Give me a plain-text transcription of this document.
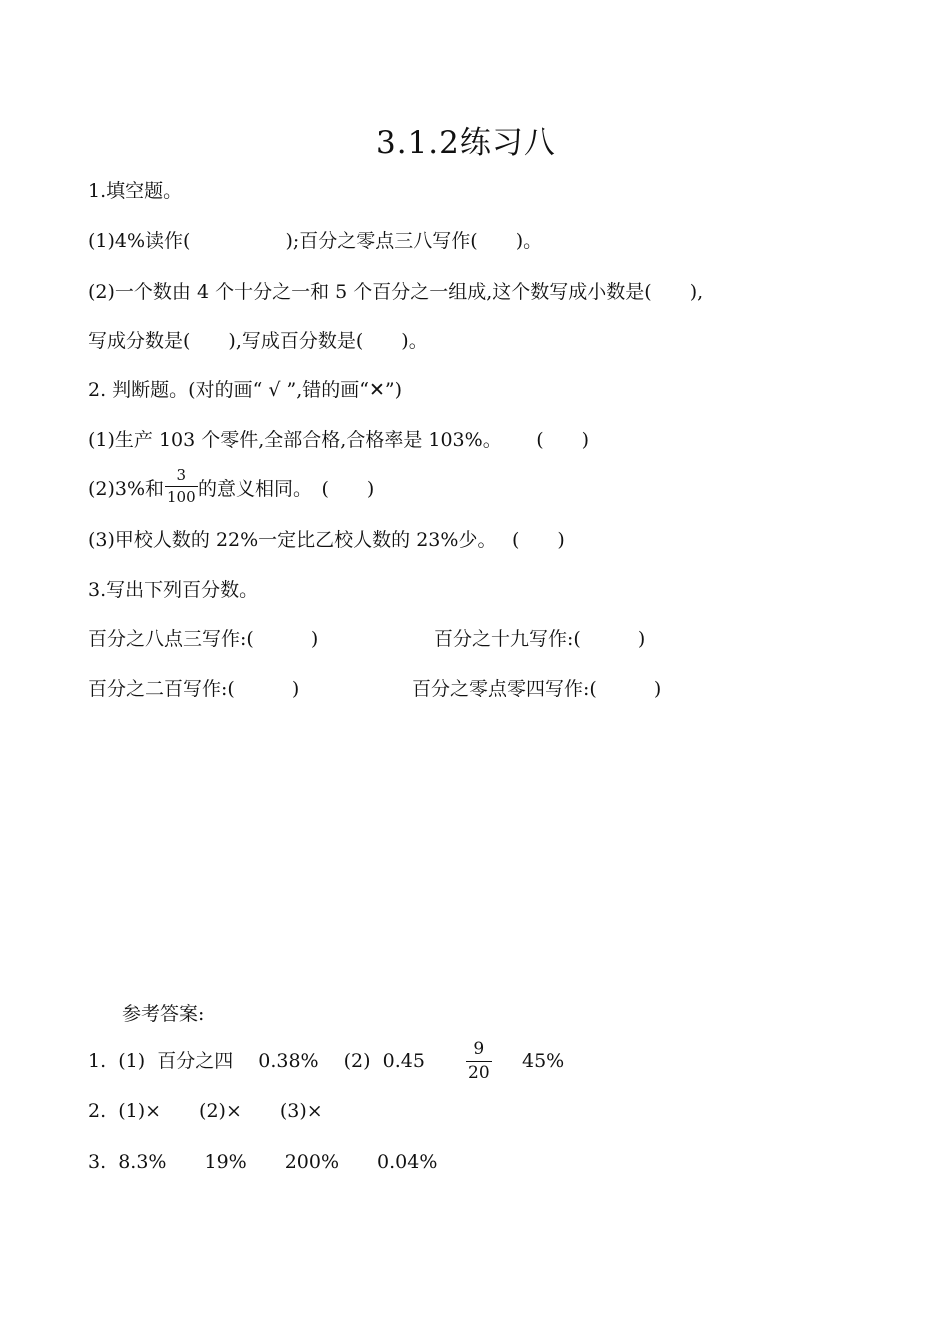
3.1.2练习八
1.填空题。
(1)4%读作(　　　　　);百分之零点三八写作(　　)。
(2)一个数由 4 个十分之一和 5 个百分之一组成,这个数写成小数是(　　),
写成分数是(　　),写成百分数是(　　)。
2. 判断题。(对的画“ √ ”,错的画“✕”)
(1)生产 103 个零件,全部合格,合格率是 103%。　　 (　　)
(2)3%和
3
100 的意义相同。　(　　)
(3)甲校人数的 22%一定比乙校人数的 23%少。　 (　　)
3.写出下列百分数。
百分之八点三写作:(　　　)	百分之十九写作:(　　　)
百分之二百写作:(　　　)	百分之零点零四写作:(　　　)
参考答案:
1.  (1)  百分之四　 0.38%　 (2)  0.45
9
20
45%
2.  (1)×　　(2)×　　(3)×
3.  8.3%　　19%　　200%　　0.04%
